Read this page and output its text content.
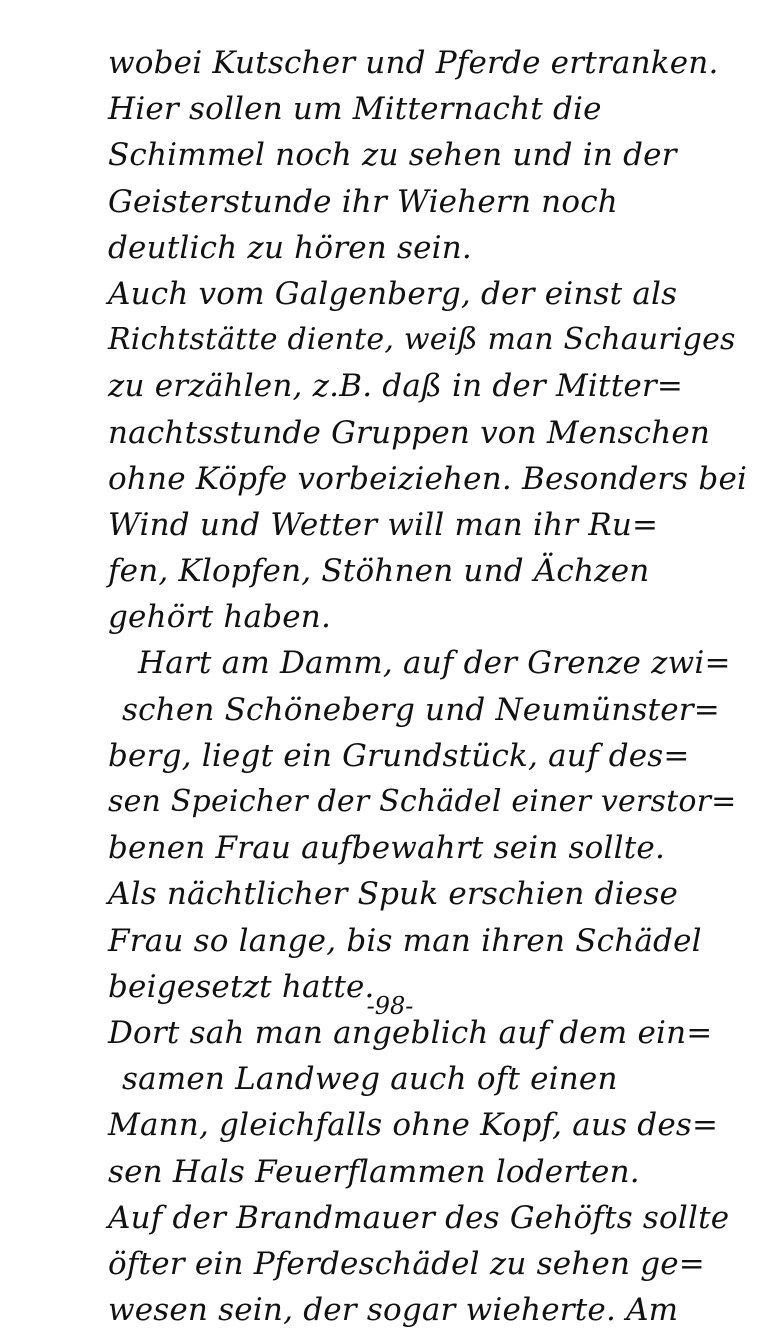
wobei Kutscher und Pferde ertranken.
Hier sollen um Mitternacht die
Schimmel noch zu sehen und in der
Geisterstunde ihr Wiehern noch
deutlich zu hören sein.
Auch vom Galgenberg, der einst als
Richtstätte diente, weiß man Schauriges
zu erzählen, z.B. daß in der Mitter=
nachtsstunde Gruppen von Menschen
ohne Köpfe vorbeiziehen. Besonders bei
Wind und Wetter will man ihr Ru=
fen, Klopfen, Stöhnen und Ächzen
gehört haben.
Hart am Damm, auf der Grenze zwi=
schen Schöneberg und Neumünster=
berg, liegt ein Grundstück, auf des=
sen Speicher der Schädel einer verstor=
benen Frau aufbewahrt sein sollte.
Als nächtlicher Spuk erschien diese
Frau so lange, bis man ihren Schädel
beigesetzt hatte.
Dort sah man angeblich auf dem ein=
samen Landweg auch oft einen
Mann, gleichfalls ohne Kopf, aus des=
sen Hals Feuerflammen loderten.
Auf der Brandmauer des Gehöfts sollte
öfter ein Pferdeschädel zu sehen ge=
wesen sein, der sogar wieherte. Am
-98-
